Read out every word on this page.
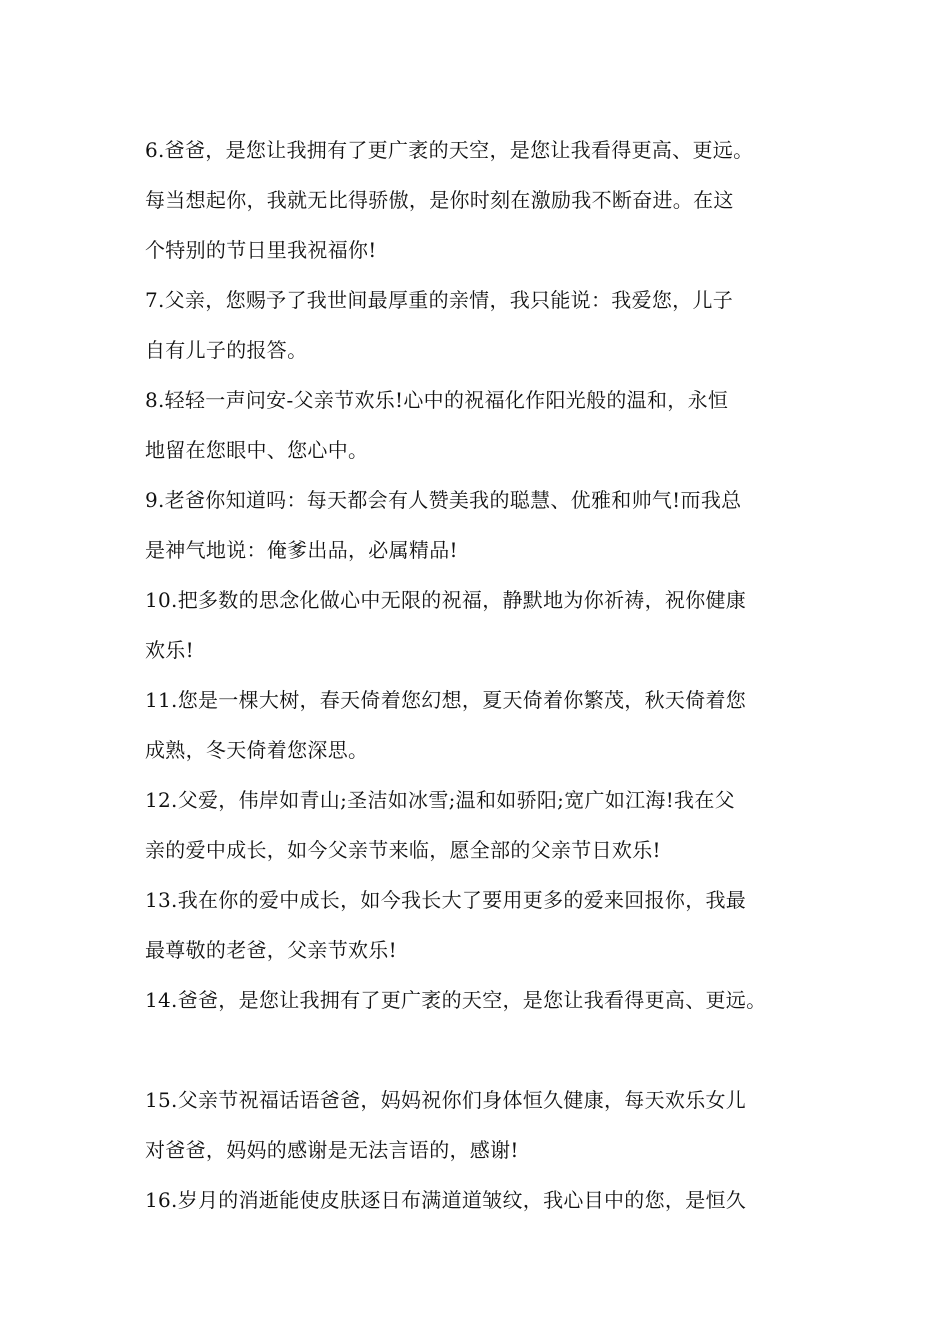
6.爸爸，是您让我拥有了更广袤的天空，是您让我看得更高、更远。
每当想起你，我就无比得骄傲，是你时刻在激励我不断奋进。在这
个特别的节日里我祝福你!
7.父亲，您赐予了我世间最厚重的亲情，我只能说：我爱您，儿子
自有儿子的报答。
8.轻轻一声问安-父亲节欢乐!心中的祝福化作阳光般的温和，永恒
地留在您眼中、您心中。
9.老爸你知道吗：每天都会有人赞美我的聪慧、优雅和帅气!而我总
是神气地说：俺爹出品，必属精品!
10.把多数的思念化做心中无限的祝福，静默地为你祈祷，祝你健康
欢乐!
11.您是一棵大树，春天倚着您幻想，夏天倚着你繁茂，秋天倚着您
成熟，冬天倚着您深思。
12.父爱，伟岸如青山;圣洁如冰雪;温和如骄阳;宽广如江海!我在父
亲的爱中成长，如今父亲节来临，愿全部的父亲节日欢乐!
13.我在你的爱中成长，如今我长大了要用更多的爱来回报你，我最
最尊敬的老爸，父亲节欢乐!
14.爸爸，是您让我拥有了更广袤的天空，是您让我看得更高、更远。
15.父亲节祝福话语爸爸，妈妈祝你们身体恒久健康，每天欢乐女儿
对爸爸，妈妈的感谢是无法言语的，感谢!
16.岁月的消逝能使皮肤逐日布满道道皱纹，我心目中的您，是恒久
